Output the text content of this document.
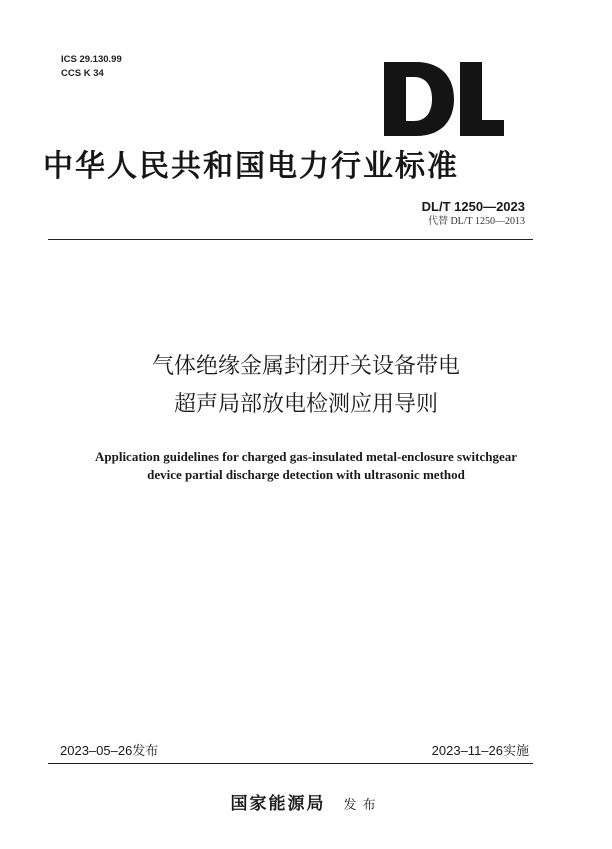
ICS 29.130.99
CCS K 34
中华人民共和国电力行业标准
DL/T 1250—2023
代替 DL/T 1250—2013
气体绝缘金属封闭开关设备带电
超声局部放电检测应用导则
Application guidelines for charged gas-insulated metal-enclosure switchgear
device partial discharge detection with ultrasonic method
2023–05–26发布	2023–11–26实施
国家能源局 发布
